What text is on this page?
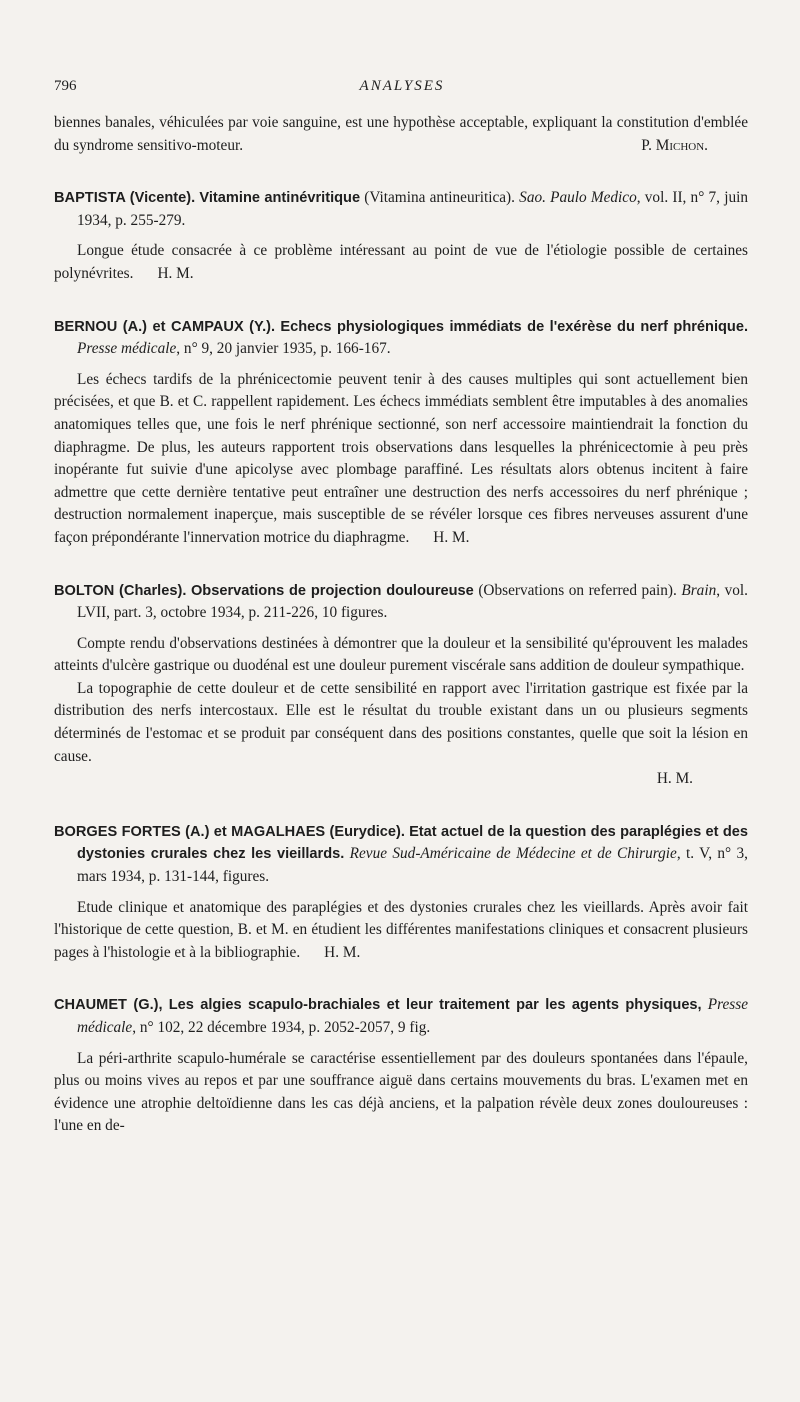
796	ANALYSES

biennes banales, véhiculées par voie sanguine, est une hypothèse acceptable, expliquant la constitution d'emblée du syndrome sensitivo-moteur.	P. Michon.

BAPTISTA (Vicente). Vitamine antinévritique (Vitamina antineuritica). Sao. Paulo Medico, vol. II, n° 7, juin 1934, p. 255-279.

Longue étude consacrée à ce problème intéressant au point de vue de l'étiologie possible de certaines polynévrites. H. M.

BERNOU (A.) et CAMPAUX (Y.). Echecs physiologiques immédiats de l'exérèse du nerf phrénique. Presse médicale, n° 9, 20 janvier 1935, p. 166-167.

Les échecs tardifs de la phrénicectomie peuvent tenir à des causes multiples qui sont actuellement bien précisées, et que B. et C. rappellent rapidement. Les échecs immédiats semblent être imputables à des anomalies anatomiques telles que, une fois le nerf phrénique sectionné, son nerf accessoire maintiendrait la fonction du diaphragme. De plus, les auteurs rapportent trois observations dans lesquelles la phrénicectomie à peu près inopérante fut suivie d'une apicolyse avec plombage paraffiné. Les résultats alors obtenus incitent à faire admettre que cette dernière tentative peut entraîner une destruction des nerfs accessoires du nerf phrénique ; destruction normalement inaperçue, mais susceptible de se révéler lorsque ces fibres nerveuses assurent d'une façon prépondérante l'innervation motrice du diaphragme. H. M.

BOLTON (Charles). Observations de projection douloureuse (Observations on referred pain). Brain, vol. LVII, part. 3, octobre 1934, p. 211-226, 10 figures.

Compte rendu d'observations destinées à démontrer que la douleur et la sensibilité qu'éprouvent les malades atteints d'ulcère gastrique ou duodénal est une douleur purement viscérale sans addition de douleur sympathique.

La topographie de cette douleur et de cette sensibilité en rapport avec l'irritation gastrique est fixée par la distribution des nerfs intercostaux. Elle est le résultat du trouble existant dans un ou plusieurs segments déterminés de l'estomac et se produit par conséquent dans des positions constantes, quelle que soit la lésion en cause.

H. M.

BORGES FORTES (A.) et MAGALHAES (Eurydice). Etat actuel de la question des paraplégies et des dystonies crurales chez les vieillards. Revue Sud-Américaine de Médecine et de Chirurgie, t. V, n° 3, mars 1934, p. 131-144, figures.

Etude clinique et anatomique des paraplégies et des dystonies crurales chez les vieillards. Après avoir fait l'historique de cette question, B. et M. en étudient les différentes manifestations cliniques et consacrent plusieurs pages à l'histologie et à la bibliographie. H. M.

CHAUMET (G.), Les algies scapulo-brachiales et leur traitement par les agents physiques, Presse médicale, n° 102, 22 décembre 1934, p. 2052-2057, 9 fig.

La péri-arthrite scapulo-humérale se caractérise essentiellement par des douleurs spontanées dans l'épaule, plus ou moins vives au repos et par une souffrance aiguë dans certains mouvements du bras. L'examen met en évidence une atrophie deltoïdienne dans les cas déjà anciens, et la palpation révèle deux zones douloureuses : l'une en de-
